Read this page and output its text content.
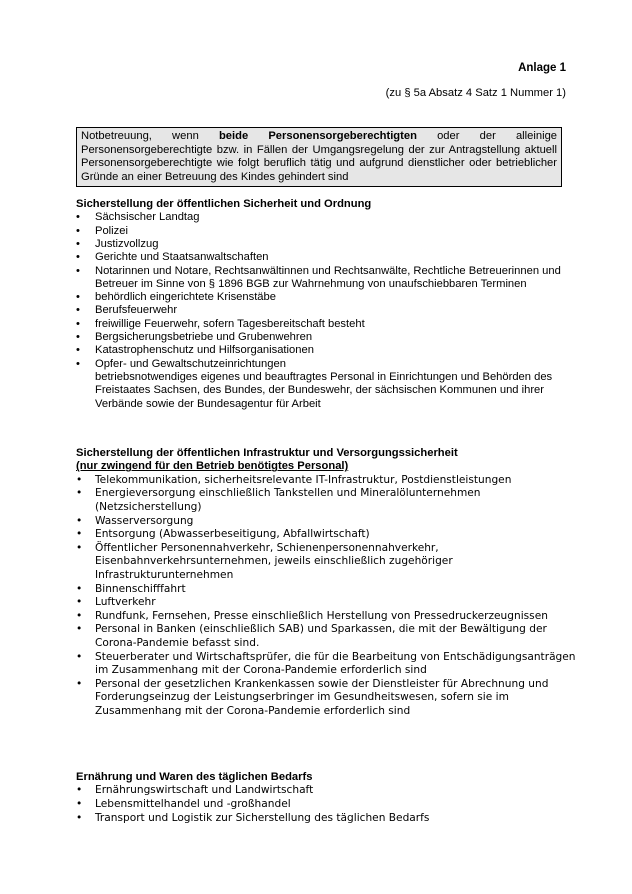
Anlage 1
(zu § 5a Absatz 4 Satz 1 Nummer 1)
Notbetreuung, wenn beide Personensorgeberechtigten oder der alleinige Personensorgeberechtigte bzw. in Fällen der Umgangsregelung der zur Antragstellung aktuell Personensorgeberechtigte wie folgt beruflich tätig und aufgrund dienstlicher oder betrieblicher Gründe an einer Betreuung des Kindes gehindert sind
Sicherstellung der öffentlichen Sicherheit und Ordnung
• Sächsischer Landtag
• Polizei
• Justizvollzug
• Gerichte und Staatsanwaltschaften
• Notarinnen und Notare, Rechtsanwältinnen und Rechtsanwälte, Rechtliche Betreuerinnen und Betreuer im Sinne von § 1896 BGB zur Wahrnehmung von unaufschiebbaren Terminen
• behördlich eingerichtete Krisenstäbe
• Berufsfeuerwehr
• freiwillige Feuerwehr, sofern Tagesbereitschaft besteht
• Bergsicherungsbetriebe und Grubenwehren
• Katastrophenschutz und Hilfsorganisationen
• Opfer- und Gewaltschutzeinrichtungen
betriebsnotwendiges eigenes und beauftragtes Personal in Einrichtungen und Behörden des Freistaates Sachsen, des Bundes, der Bundeswehr, der sächsischen Kommunen und ihrer Verbände sowie der Bundesagentur für Arbeit
Sicherstellung der öffentlichen Infrastruktur und Versorgungssicherheit
(nur zwingend für den Betrieb benötigtes Personal)
• Telekommunikation, sicherheitsrelevante IT-Infrastruktur, Postdienstleistungen
• Energieversorgung einschließlich Tankstellen und Mineralölunternehmen (Netzsicherstellung)
• Wasserversorgung
• Entsorgung (Abwasserbeseitigung, Abfallwirtschaft)
• Öffentlicher Personennahverkehr, Schienenpersonennahverkehr, Eisenbahnverkehrsunternehmen, jeweils einschließlich zugehöriger Infrastrukturunternehmen
• Binnenschifffahrt
• Luftverkehr
• Rundfunk, Fernsehen, Presse einschließlich Herstellung von Pressedruckerzeugnissen
• Personal in Banken (einschließlich SAB) und Sparkassen, die mit der Bewältigung der Corona-Pandemie befasst sind.
• Steuerberater und Wirtschaftsprüfer, die für die Bearbeitung von Entschädigungsanträgen im Zusammenhang mit der Corona-Pandemie erforderlich sind
• Personal der gesetzlichen Krankenkassen sowie der Dienstleister für Abrechnung und Forderungseinzug der Leistungserbringer im Gesundheitswesen, sofern sie im Zusammenhang mit der Corona-Pandemie erforderlich sind
Ernährung und Waren des täglichen Bedarfs
• Ernährungswirtschaft und Landwirtschaft
• Lebensmittelhandel und -großhandel
• Transport und Logistik zur Sicherstellung des täglichen Bedarfs
